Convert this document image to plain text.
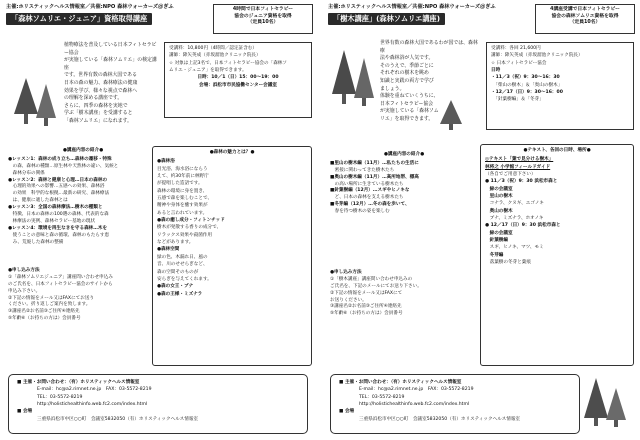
主催:ホリスティックヘルス情報室／共催:NPO 森林ウォーカーズ＠ぎふ
「森林ソムリエ・ジュニア」資格取得講座
4時間で日本フィトセラピー
協会のジュニア資格を取得
（定員10名）
植物療法を普及している日本フィトセラピー協会
が実施している「森林ソムリエ」の検定講座
です。世界有数の森林大国である
日本の森の魅力、森林療法の健康
効果を学び、様々な視点で森林へ
の理解を深める講座です。
さらに、四季の森林を実地で
学ぶ「樹木講座」を受講すると
「森林ソムリエ」になれます。
受講料：10,800円（4時間／認定証含む）
講師：降矢英成（赤坂溜池クリニック院長）
☆ 対象は上記3名で、日本フィトセラピー協会の「森林ソ
ムリエ・ジュニア」を取得できます。
日時：10／1（日）15：00～19：00
会場：浜松市市民協働センター会議室
●講座内容の紹介●
●レッスン1：森林の成り立ち…森林の遷移・特殊
　の森、森林の種類…原生林や天然林の違い、気候と
　森林分布の関係
●レッスン2：森林と健康と心理…日本の森林の
　心理的効果への影響…五感への効果、森林浴
　の効果　科学的な根拠…最新の研究、森林療法
　は、健康に適した森林とは
●レッスン3：全国の森林療法…樹木の種類と
　特徴、日本の森林の100選の森林、代表的な森
　林療法の実例、森林セラピー基地の現状
●レッスン4：環境を再生なきを守る森林…木を
　使うことの意味と森の循環、森林のもたらす恵
　み、荒廃した森林の整備
●申し込み方法
①「森林ソムリエジュニア」講座問い合わせ申込み
のご氏名を、日本フィトセラピー協会のサイトから
申込み下さい。
②下記の情報をメール又はFAXにてお送り
ください。折り返しご案内を致します。
③講座名②お名前③ご住所④連絡先
⑤年齢⑥（お持ちの方は）会員番号
●森林の魅力とは？●
●森林浴
目光浴、海水浴にならう
えて、約30年前に林野庁
が提唱した造語です。
森林の環境に身を置き、
五感で森を楽しむことで、
精神や身体を癒す効果が
あると言われています。
●森の癒し成分・フィトンチッド
樹木が発散する香りの成分で、
リラックス効果や殺菌作用
などがあります。
●森林空間
緑の色、木漏れ日、風の
音、川のせせらぎなど、
森の空間そのものが
安らぎを与えてくれます。
●森の女王・ブナ
●森の王様・ミズナラ
■ 主催・お問い合わせ：（有）ホリスティックヘルス情報室
E-mail：hc@a2.rimnet.ne.jp　FAX：03-5572-8219
TEL：03-5572-8219
http://holistichealthinfo.web.fc2.com/index.html
■ 会場
三重県浜松市中区○○町　会議室5832050（有）ホリスティックヘルス情報室
主催:ホリスティックヘルス情報室／共催:NPO 森林ウォーカーズ＠ぎふ
「樹木講座」(森林ソムリエ講座)
4講座受講で日本フィトセラピー
協会の森林ソムリエ資格を取得
（定員10名）
世界有数の森林大国であるわが国では、森林療
法や森林浴が人気です。
そのうえで、季節ごとに
それぞれの樹木を眺め
知識と実践の両方で学び
ましょう。
体験を重ねていくうちに、
日本フィトセラピー協会
が実施している「森林ソム
リエ」を取得できます。
受講料：各回 21,600円
講師：降矢英成（赤坂溜池クリニック院長）
☆ 日本フィトセラピー協会
日時
・11／3（祝）9：30～16：30
　「柴山の樹木」＆「奥山の樹木」
・12／17（日）9：30～16：00
　「針葉樹編」＆「冬芽」
●講座内容の紹介●
■里山の樹木編（11月）…私たちの生活に
　密接に関わってきた樹木たち
■奥山の樹木編（11月）…高所地帯、標高
　の高い場所に生きている樹木たち
■針葉樹編（12月）…スギやヒノキな
　ど、日本の森林を支える樹木たち
■冬芽編（12月）…冬の森を歩いて、
　春を待つ樹木の姿を楽しむ
●申し込み方法
①「樹木講座」講座問い合わせ申込みの
ご氏名を、下記のメールにてお送り下さい。
②下記の情報をメール又はFAXにて
お送りください。
③講座名②お名前③ご住所④連絡先
⑤年齢⑥（お持ちの方は）会員番号
●テキスト、各回の日時、場所●
◎テキスト「葉で見分ける樹木」
林将之 小学館フィールドガイド
（各自でご用意下さい）
● 11／3（祝）9：30 浜松市森と
　緑の会議室
　里山の樹木
　コナラ、クヌギ、エゴノキ
　奥山の樹木
　ブナ、ミズナラ、ホオノキ
● 12／17（日）9：30 浜松市森と
　緑の会議室
　針葉樹編
　スギ、ヒノキ、マツ、モミ
　冬芽編
　落葉樹の冬芽と葉痕
■ 主催・お問い合わせ：（有）ホリスティックヘルス情報室
E-mail：hc@a2.rimnet.ne.jp　FAX：03-5572-8219
TEL：03-5572-8219
http://holistichealthinfo.web.fc2.com/index.html
■ 会場
三重県浜松市中区○○町　会議室5832050（有）ホリスティックヘルス情報室
